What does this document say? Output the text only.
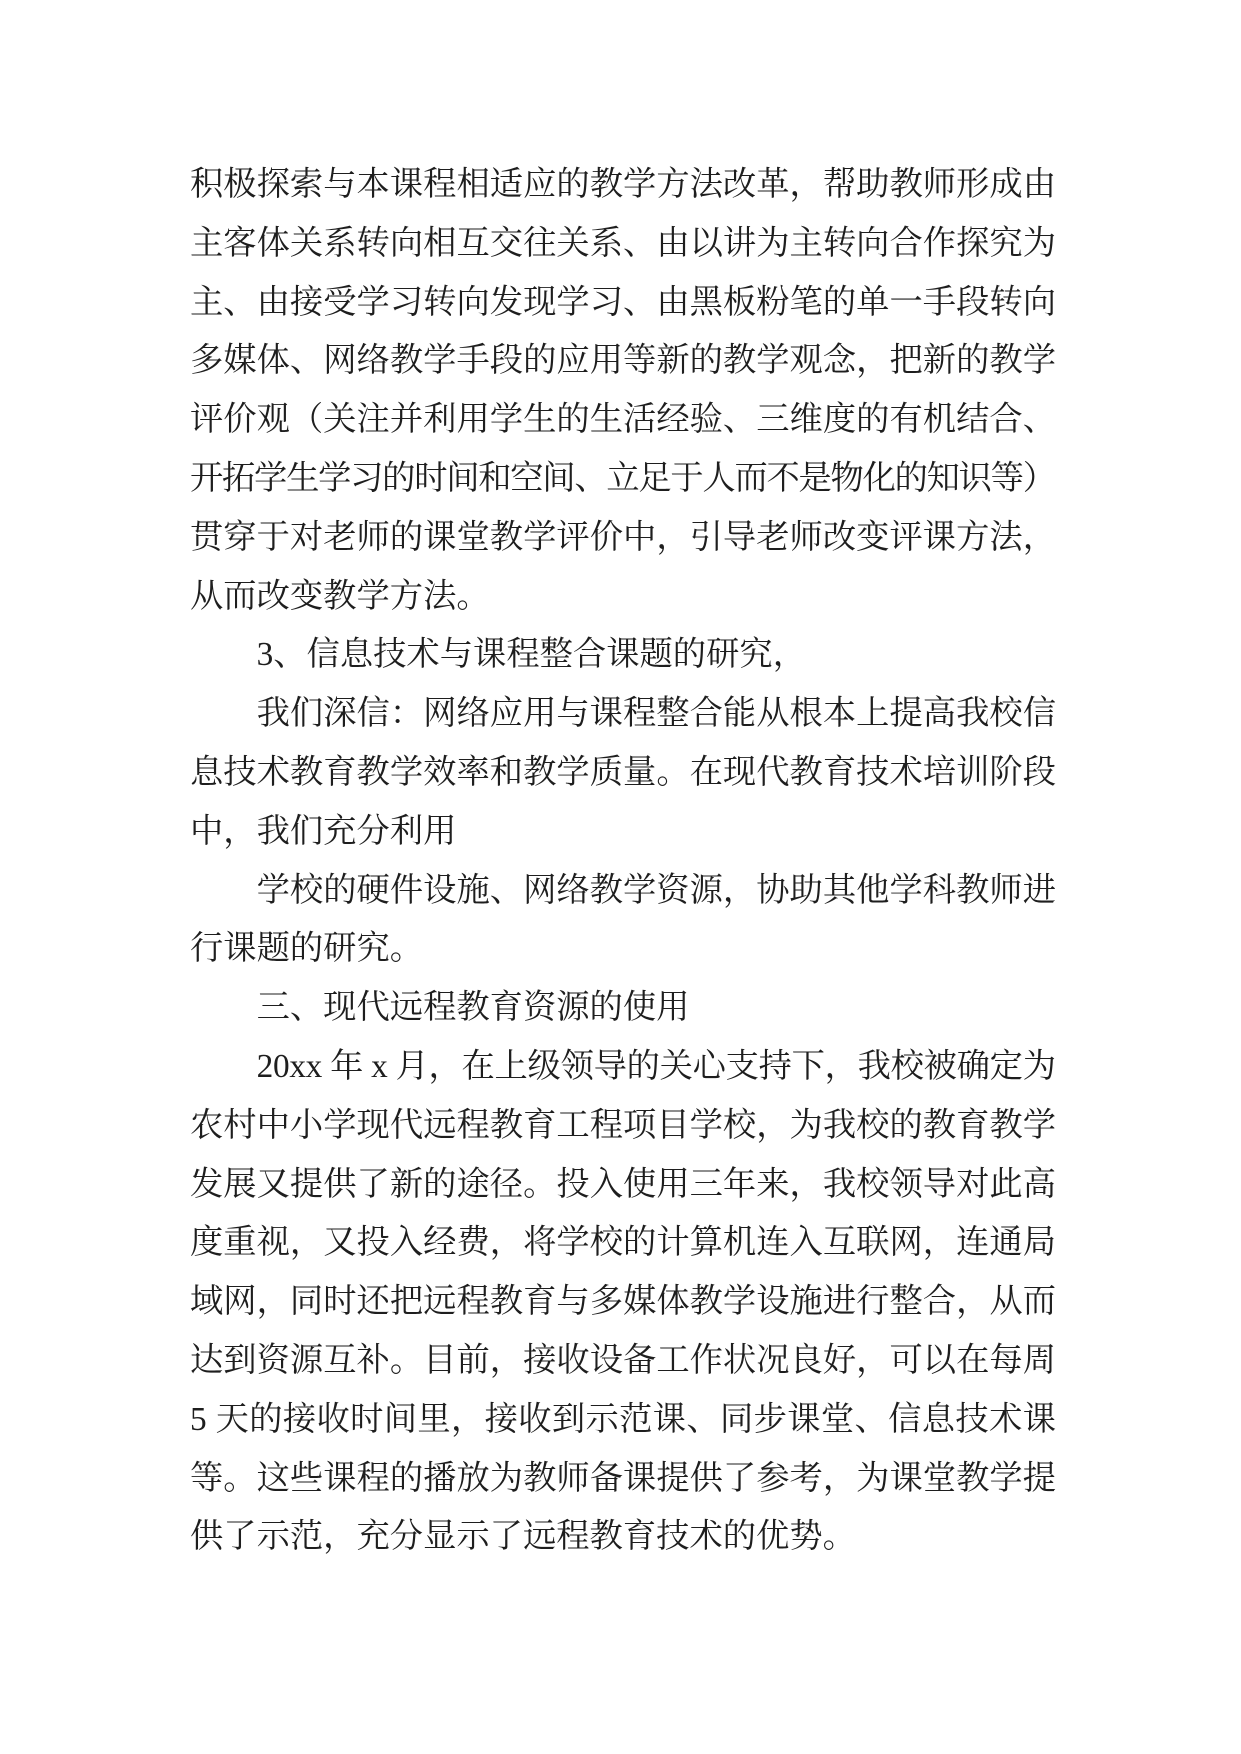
积极探索与本课程相适应的教学方法改革，帮助教师形成由
主客体关系转向相互交往关系、由以讲为主转向合作探究为
主、由接受学习转向发现学习、由黑板粉笔的单一手段转向
多媒体、网络教学手段的应用等新的教学观念，把新的教学
评价观（关注并利用学生的生活经验、三维度的有机结合、
开拓学生学习的时间和空间、立足于人而不是物化的知识等）
贯穿于对老师的课堂教学评价中，引导老师改变评课方法，
从而改变教学方法。
3、信息技术与课程整合课题的研究，
我们深信：网络应用与课程整合能从根本上提高我校信
息技术教育教学效率和教学质量。在现代教育技术培训阶段
中，我们充分利用
学校的硬件设施、网络教学资源，协助其他学科教师进
行课题的研究。
三、现代远程教育资源的使用
20xx 年 x 月，在上级领导的关心支持下，我校被确定为
农村中小学现代远程教育工程项目学校，为我校的教育教学
发展又提供了新的途径。投入使用三年来，我校领导对此高
度重视，又投入经费，将学校的计算机连入互联网，连通局
域网，同时还把远程教育与多媒体教学设施进行整合，从而
达到资源互补。目前，接收设备工作状况良好，可以在每周
5 天的接收时间里，接收到示范课、同步课堂、信息技术课
等。这些课程的播放为教师备课提供了参考，为课堂教学提
供了示范，充分显示了远程教育技术的优势。
